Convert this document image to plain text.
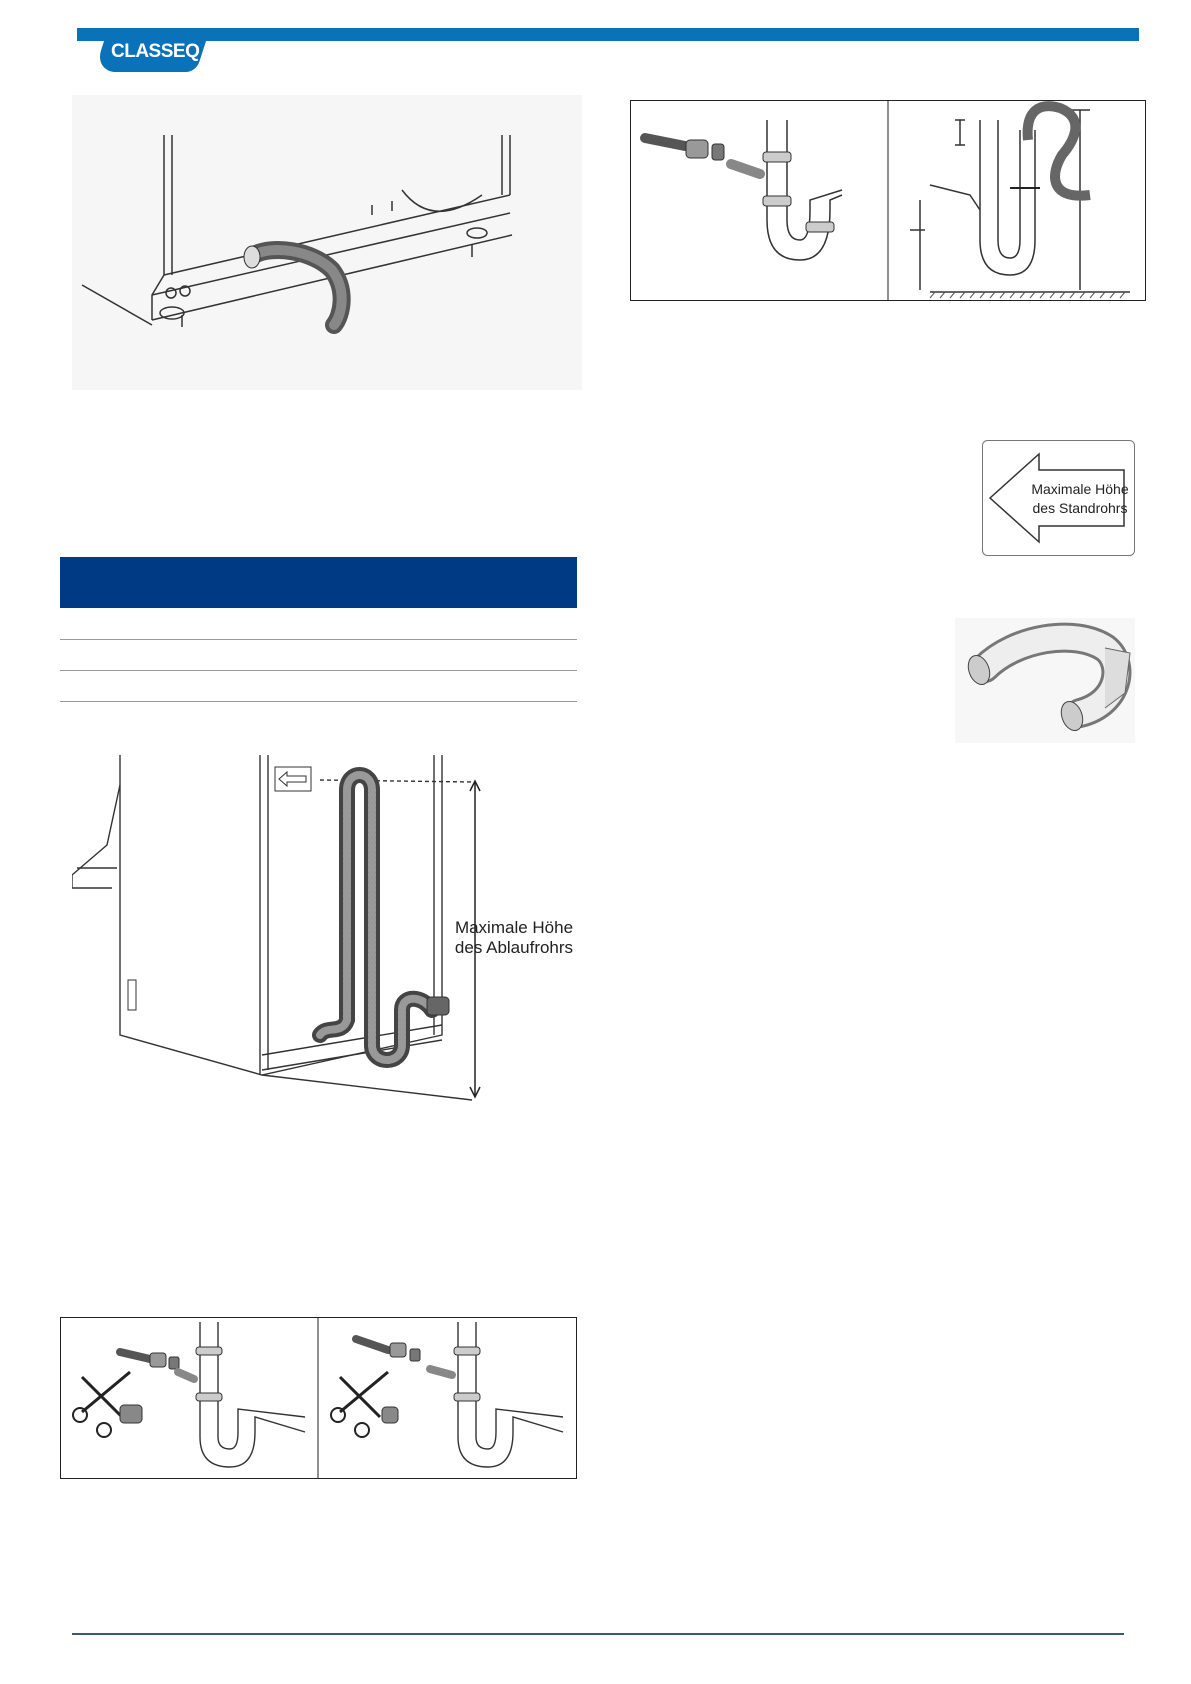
CLASSEQ
Maximale Höhe
des Standrohrs
Maximale Höhe
des Ablaufrohrs
